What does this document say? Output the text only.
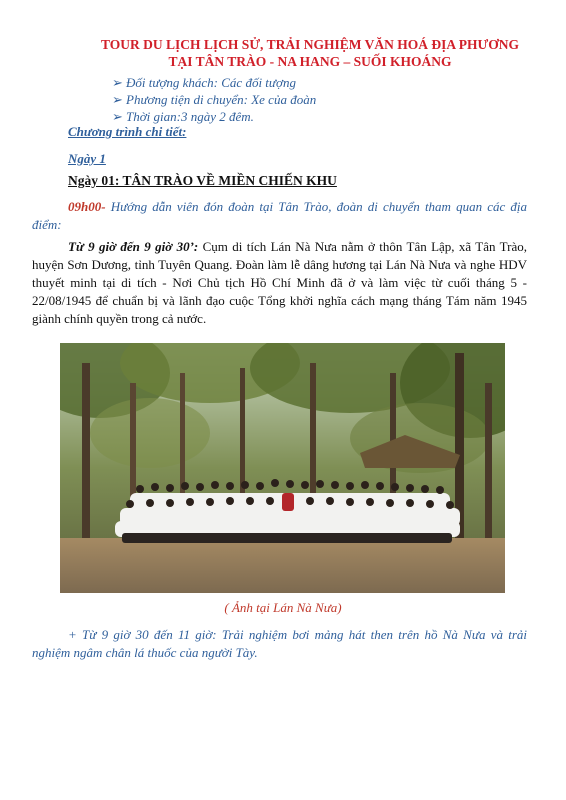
TOUR DU LỊCH LỊCH SỬ, TRẢI NGHIỆM VĂN HOÁ ĐỊA PHƯƠNG
TẠI TÂN TRÀO - NA HANG – SUỐI KHOÁNG
➢ Đối tượng khách: Các đối tượng
➢ Phương tiện di chuyển: Xe của đoàn
➢ Thời gian:3 ngày 2 đêm.
Chương trình chi tiết:
Ngày 1
Ngày 01: TÂN TRÀO VỀ MIỀN CHIẾN KHU
09h00- Hướng dẫn viên đón đoàn tại Tân Trào, đoàn di chuyển tham quan các địa điểm:
Từ 9 giờ đến 9 giờ 30’: Cụm di tích Lán Nà Nưa nằm ở thôn Tân Lập, xã Tân Trào, huyện Sơn Dương, tỉnh Tuyên Quang. Đoàn làm lễ dâng hương tại Lán Nà Nưa và nghe HDV thuyết minh tại di tích - Nơi Chủ tịch Hồ Chí Minh đã ở và làm việc từ cuối tháng 5 - 22/08/1945 để chuẩn bị và lãnh đạo cuộc Tổng khởi nghĩa cách mạng tháng Tám năm 1945 giành chính quyền trong cả nước.
( Ảnh tại Lán Nà Nưa)
+ Từ 9 giờ 30 đến 11 giờ: Trải nghiệm bơi mảng hát then trên hồ Nà Nưa và trải nghiệm ngâm chân lá thuốc của người Tày.
